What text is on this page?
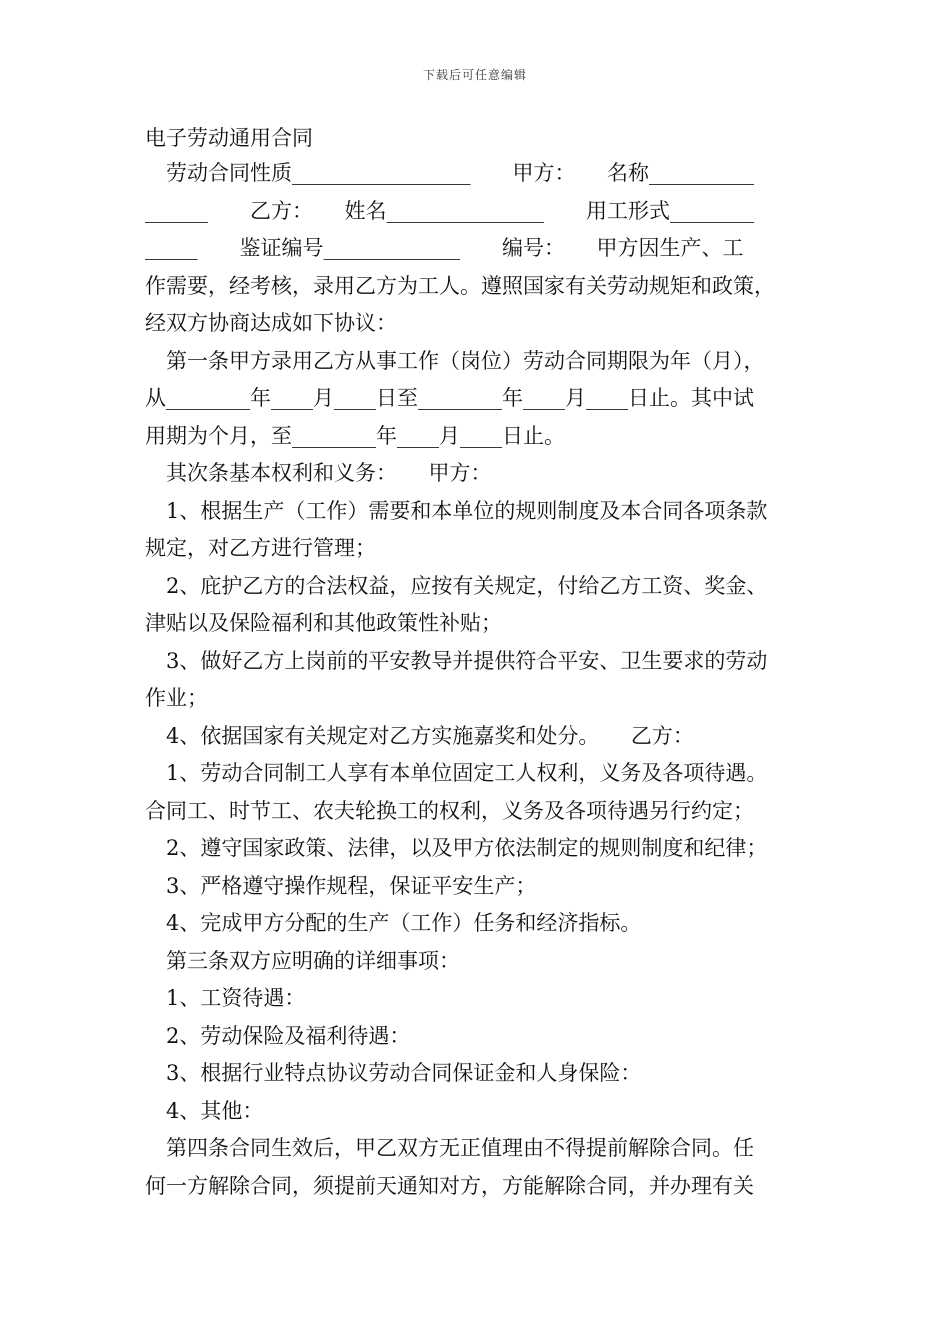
下载后可任意编辑
电子劳动通用合同
　劳动合同性质_________________　　甲方：　　名称__________
______　　乙方：　　姓名_______________　　用工形式________
_____　　鉴证编号_____________　　编号：　　甲方因生产、工
作需要，经考核，录用乙方为工人。遵照国家有关劳动规矩和政策，
经双方协商达成如下协议：
　第一条甲方录用乙方从事工作（岗位）劳动合同期限为年（月），
从________年____月____日至________年____月____日止。其中试
用期为个月，至________年____月____日止。
　其次条基本权利和义务：　　甲方：
　1、根据生产（工作）需要和本单位的规则制度及本合同各项条款
规定，对乙方进行管理；
　2、庇护乙方的合法权益，应按有关规定，付给乙方工资、奖金、
津贴以及保险福利和其他政策性补贴；
　3、做好乙方上岗前的平安教导并提供符合平安、卫生要求的劳动
作业；
　4、依据国家有关规定对乙方实施嘉奖和处分。　　乙方：
　1、劳动合同制工人享有本单位固定工人权利，义务及各项待遇。
合同工、时节工、农夫轮换工的权利，义务及各项待遇另行约定；
　2、遵守国家政策、法律，以及甲方依法制定的规则制度和纪律；
　3、严格遵守操作规程，保证平安生产；
　4、完成甲方分配的生产（工作）任务和经济指标。
　第三条双方应明确的详细事项：
　1、工资待遇：
　2、劳动保险及福利待遇：
　3、根据行业特点协议劳动合同保证金和人身保险：
　4、其他：
　第四条合同生效后，甲乙双方无正值理由不得提前解除合同。任
何一方解除合同，须提前天通知对方，方能解除合同，并办理有关
